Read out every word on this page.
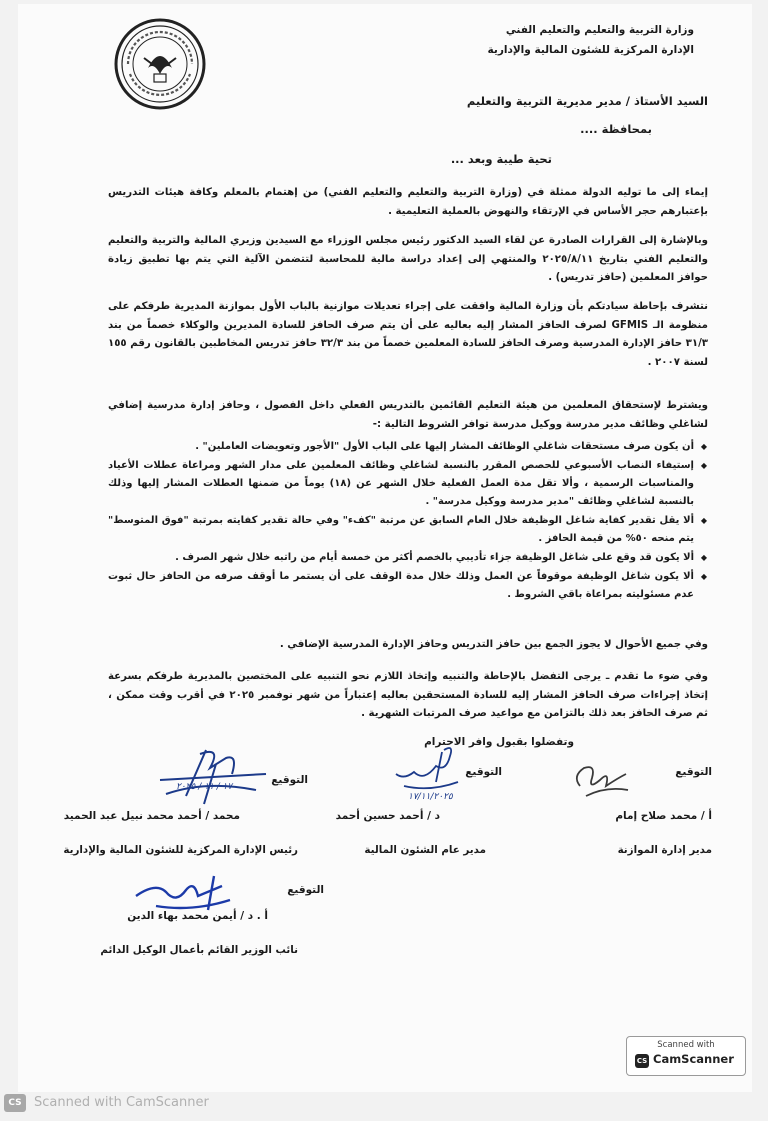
وزارة التربية والتعليم والتعليم الفني
الإدارة المركزية للشئون المالية والإدارية
السيد الأستاذ / مدير مديرية التربية والتعليم
بمحافظة ....
تحية طيبة وبعد ...
إيماء إلى ما توليه الدولة ممثلة في (وزارة التربية والتعليم والتعليم الفني) من إهتمام بالمعلم وكافة هيئات التدريس بإعتبارهم حجر الأساس في الإرتقاء والنهوض بالعملية التعليمية .
وبالإشارة إلى القرارات الصادرة عن لقاء السيد الدكتور رئيس مجلس الوزراء مع السيدين وزيري المالية والتربية والتعليم والتعليم الفني بتاريخ ٢٠٢٥/٨/١١ والمنتهي إلى إعداد دراسة مالية للمحاسبة لتتضمن الآلية التي يتم بها تطبيق زيادة حوافز المعلمين (حافز تدريس) .
نتشرف بإحاطة سيادتكم بأن وزارة المالية وافقت على إجراء تعديلات موازنية بالباب الأول بموازنة المديرية طرفكم على منظومة الـ GFMIS لصرف الحافز المشار إليه بعاليه على أن يتم صرف الحافز للسادة المديرين والوكلاء خصماً من بند ٣١/٣ حافز الإدارة المدرسية وصرف الحافز للسادة المعلمين خصماً من بند ٣٢/٣ حافز تدريس المخاطبين بالقانون رقم ١٥٥ لسنة ٢٠٠٧ .
ويشترط لإستحقاق المعلمين من هيئة التعليم القائمين بالتدريس الفعلي داخل الفصول ، وحافز إدارة مدرسية إضافي لشاغلي وظائف مدير مدرسة ووكيل مدرسة توافر الشروط التالية :-
◆ أن يكون صرف مستحقات شاغلي الوظائف المشار إليها على الباب الأول "الأجور وتعويضات العاملين" .
◆ إستيفاء النصاب الأسبوعي للحصص المقرر بالنسبة لشاغلي وظائف المعلمين على مدار الشهر ومراعاة عطلات الأعياد والمناسبات الرسمية ، وألا تقل مدة العمل الفعلية خلال الشهر عن (١٨) يوماً من ضمنها العطلات المشار إليها وذلك بالنسبة لشاغلي وظائف "مدير مدرسة ووكيل مدرسة" .
◆ ألا يقل تقدير كفاية شاغل الوظيفة خلال العام السابق عن مرتبة "كفء" وفي حالة تقدير كفايته بمرتبة "فوق المتوسط" يتم منحه ٥٠% من قيمة الحافز .
◆ ألا يكون قد وقع على شاغل الوظيفة جزاء تأديبي بالخصم أكثر من خمسة أيام من راتبه خلال شهر الصرف .
◆ ألا يكون شاغل الوظيفة موقوفاً عن العمل وذلك خلال مدة الوقف على أن يستمر ما أوقف صرفه من الحافز حال ثبوت عدم مسئوليته بمراعاة باقي الشروط .
وفي جميع الأحوال لا يجوز الجمع بين حافز التدريس وحافز الإدارة المدرسية الإضافي .
وفي ضوء ما تقدم ـ يرجى التفضل بالإحاطة والتنبيه وإتخاذ اللازم نحو التنبيه على المختصين بالمديرية طرفكم بسرعة إتخاذ إجراءات صرف الحافز المشار إليه للسادة المستحقين بعاليه إعتباراً من شهر نوفمبر ٢٠٢٥ في أقرب وقت ممكن ، ثم صرف الحافز بعد ذلك بالتزامن مع مواعيد صرف المرتبات الشهرية .
وتفضلوا بقبول وافر الاحترام
التوقيع
أ / محمد صلاح إمام
مدير إدارة الموازنة
التوقيع
١٧/١١/٢٠٢٥
د / أحمد حسين أحمد
مدير عام الشئون المالية
التوقيع
١٧ / ١١ / ٢٠٢٥
محمد / أحمد محمد نبيل عبد الحميد
رئيس الإدارة المركزية للشئون المالية والإدارية
التوقيع
أ . د / أيمن محمد بهاء الدين
نائب الوزير القائم بأعمال الوكيل الدائم
Scanned with
CS CamScanner
CS Scanned with CamScanner
